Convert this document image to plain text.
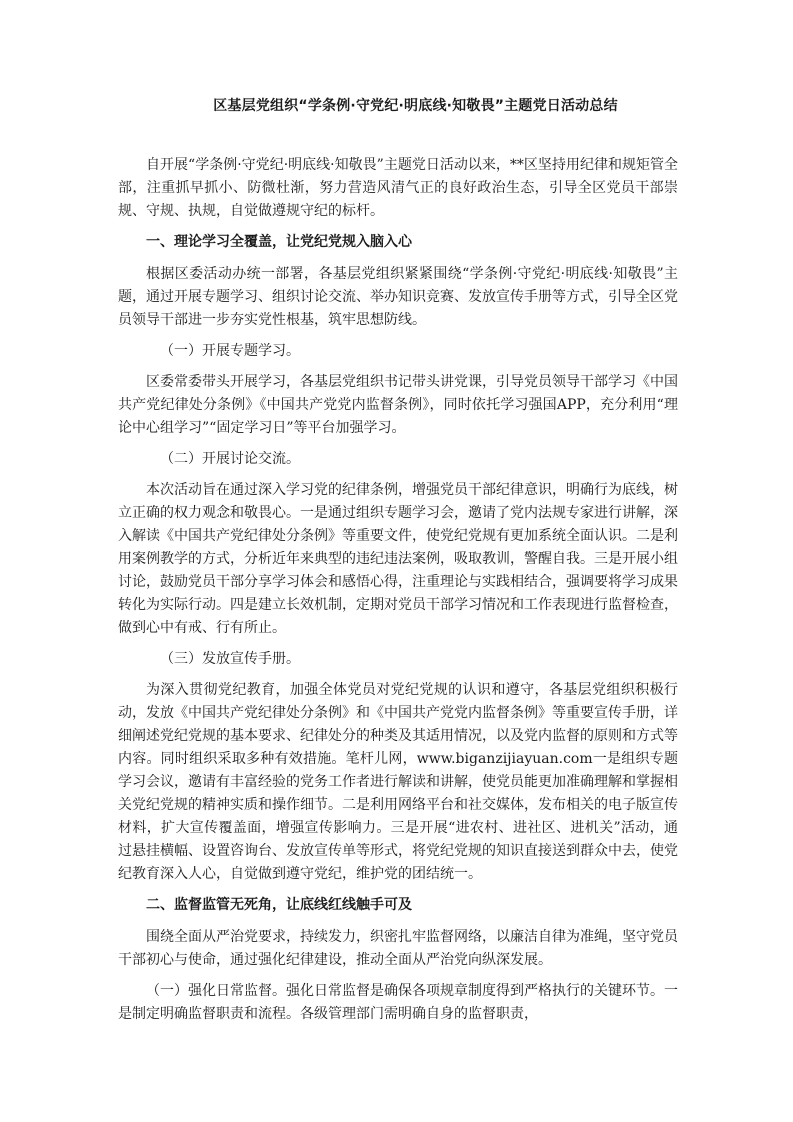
区基层党组织“学条例·守党纪·明底线·知敬畏”主题党日活动总结

自开展“学条例·守党纪·明底线·知敬畏”主题党日活动以来，**区坚持用纪律和规矩管全部，注重抓早抓小、防微杜渐，努力营造风清气正的良好政治生态，引导全区党员干部崇规、守规、执规，自觉做遵规守纪的标杆。

一、理论学习全覆盖，让党纪党规入脑入心

根据区委活动办统一部署，各基层党组织紧紧围绕“学条例·守党纪·明底线·知敬畏”主题，通过开展专题学习、组织讨论交流、举办知识竞赛、发放宣传手册等方式，引导全区党员领导干部进一步夯实党性根基，筑牢思想防线。

（一）开展专题学习。

区委常委带头开展学习，各基层党组织书记带头讲党课，引导党员领导干部学习《中国共产党纪律处分条例》《中国共产党党内监督条例》，同时依托学习强国APP，充分利用“理论中心组学习”“固定学习日”等平台加强学习。

（二）开展讨论交流。

本次活动旨在通过深入学习党的纪律条例，增强党员干部纪律意识，明确行为底线，树立正确的权力观念和敬畏心。一是通过组织专题学习会，邀请了党内法规专家进行讲解，深入解读《中国共产党纪律处分条例》等重要文件，使党纪党规有更加系统全面认识。二是利用案例教学的方式，分析近年来典型的违纪违法案例，吸取教训，警醒自我。三是开展小组讨论，鼓励党员干部分享学习体会和感悟心得，注重理论与实践相结合，强调要将学习成果转化为实际行动。四是建立长效机制，定期对党员干部学习情况和工作表现进行监督检查，做到心中有戒、行有所止。

（三）发放宣传手册。

为深入贯彻党纪教育，加强全体党员对党纪党规的认识和遵守，各基层党组织积极行动，发放《中国共产党纪律处分条例》和《中国共产党党内监督条例》等重要宣传手册，详细阐述党纪党规的基本要求、纪律处分的种类及其适用情况，以及党内监督的原则和方式等内容。同时组织采取多种有效措施。笔杆儿网，www.biganzijiayuan.com一是组织专题学习会议，邀请有丰富经验的党务工作者进行解读和讲解，使党员能更加准确理解和掌握相关党纪党规的精神实质和操作细节。二是利用网络平台和社交媒体，发布相关的电子版宣传材料，扩大宣传覆盖面，增强宣传影响力。三是开展“进农村、进社区、进机关”活动，通过悬挂横幅、设置咨询台、发放宣传单等形式，将党纪党规的知识直接送到群众中去，使党纪教育深入人心，自觉做到遵守党纪，维护党的团结统一。

二、监督监管无死角，让底线红线触手可及

围绕全面从严治党要求，持续发力，织密扎牢监督网络，以廉洁自律为准绳，坚守党员干部初心与使命，通过强化纪律建设，推动全面从严治党向纵深发展。

（一）强化日常监督。强化日常监督是确保各项规章制度得到严格执行的关键环节。一是制定明确监督职责和流程。各级管理部门需明确自身的监督职责，
